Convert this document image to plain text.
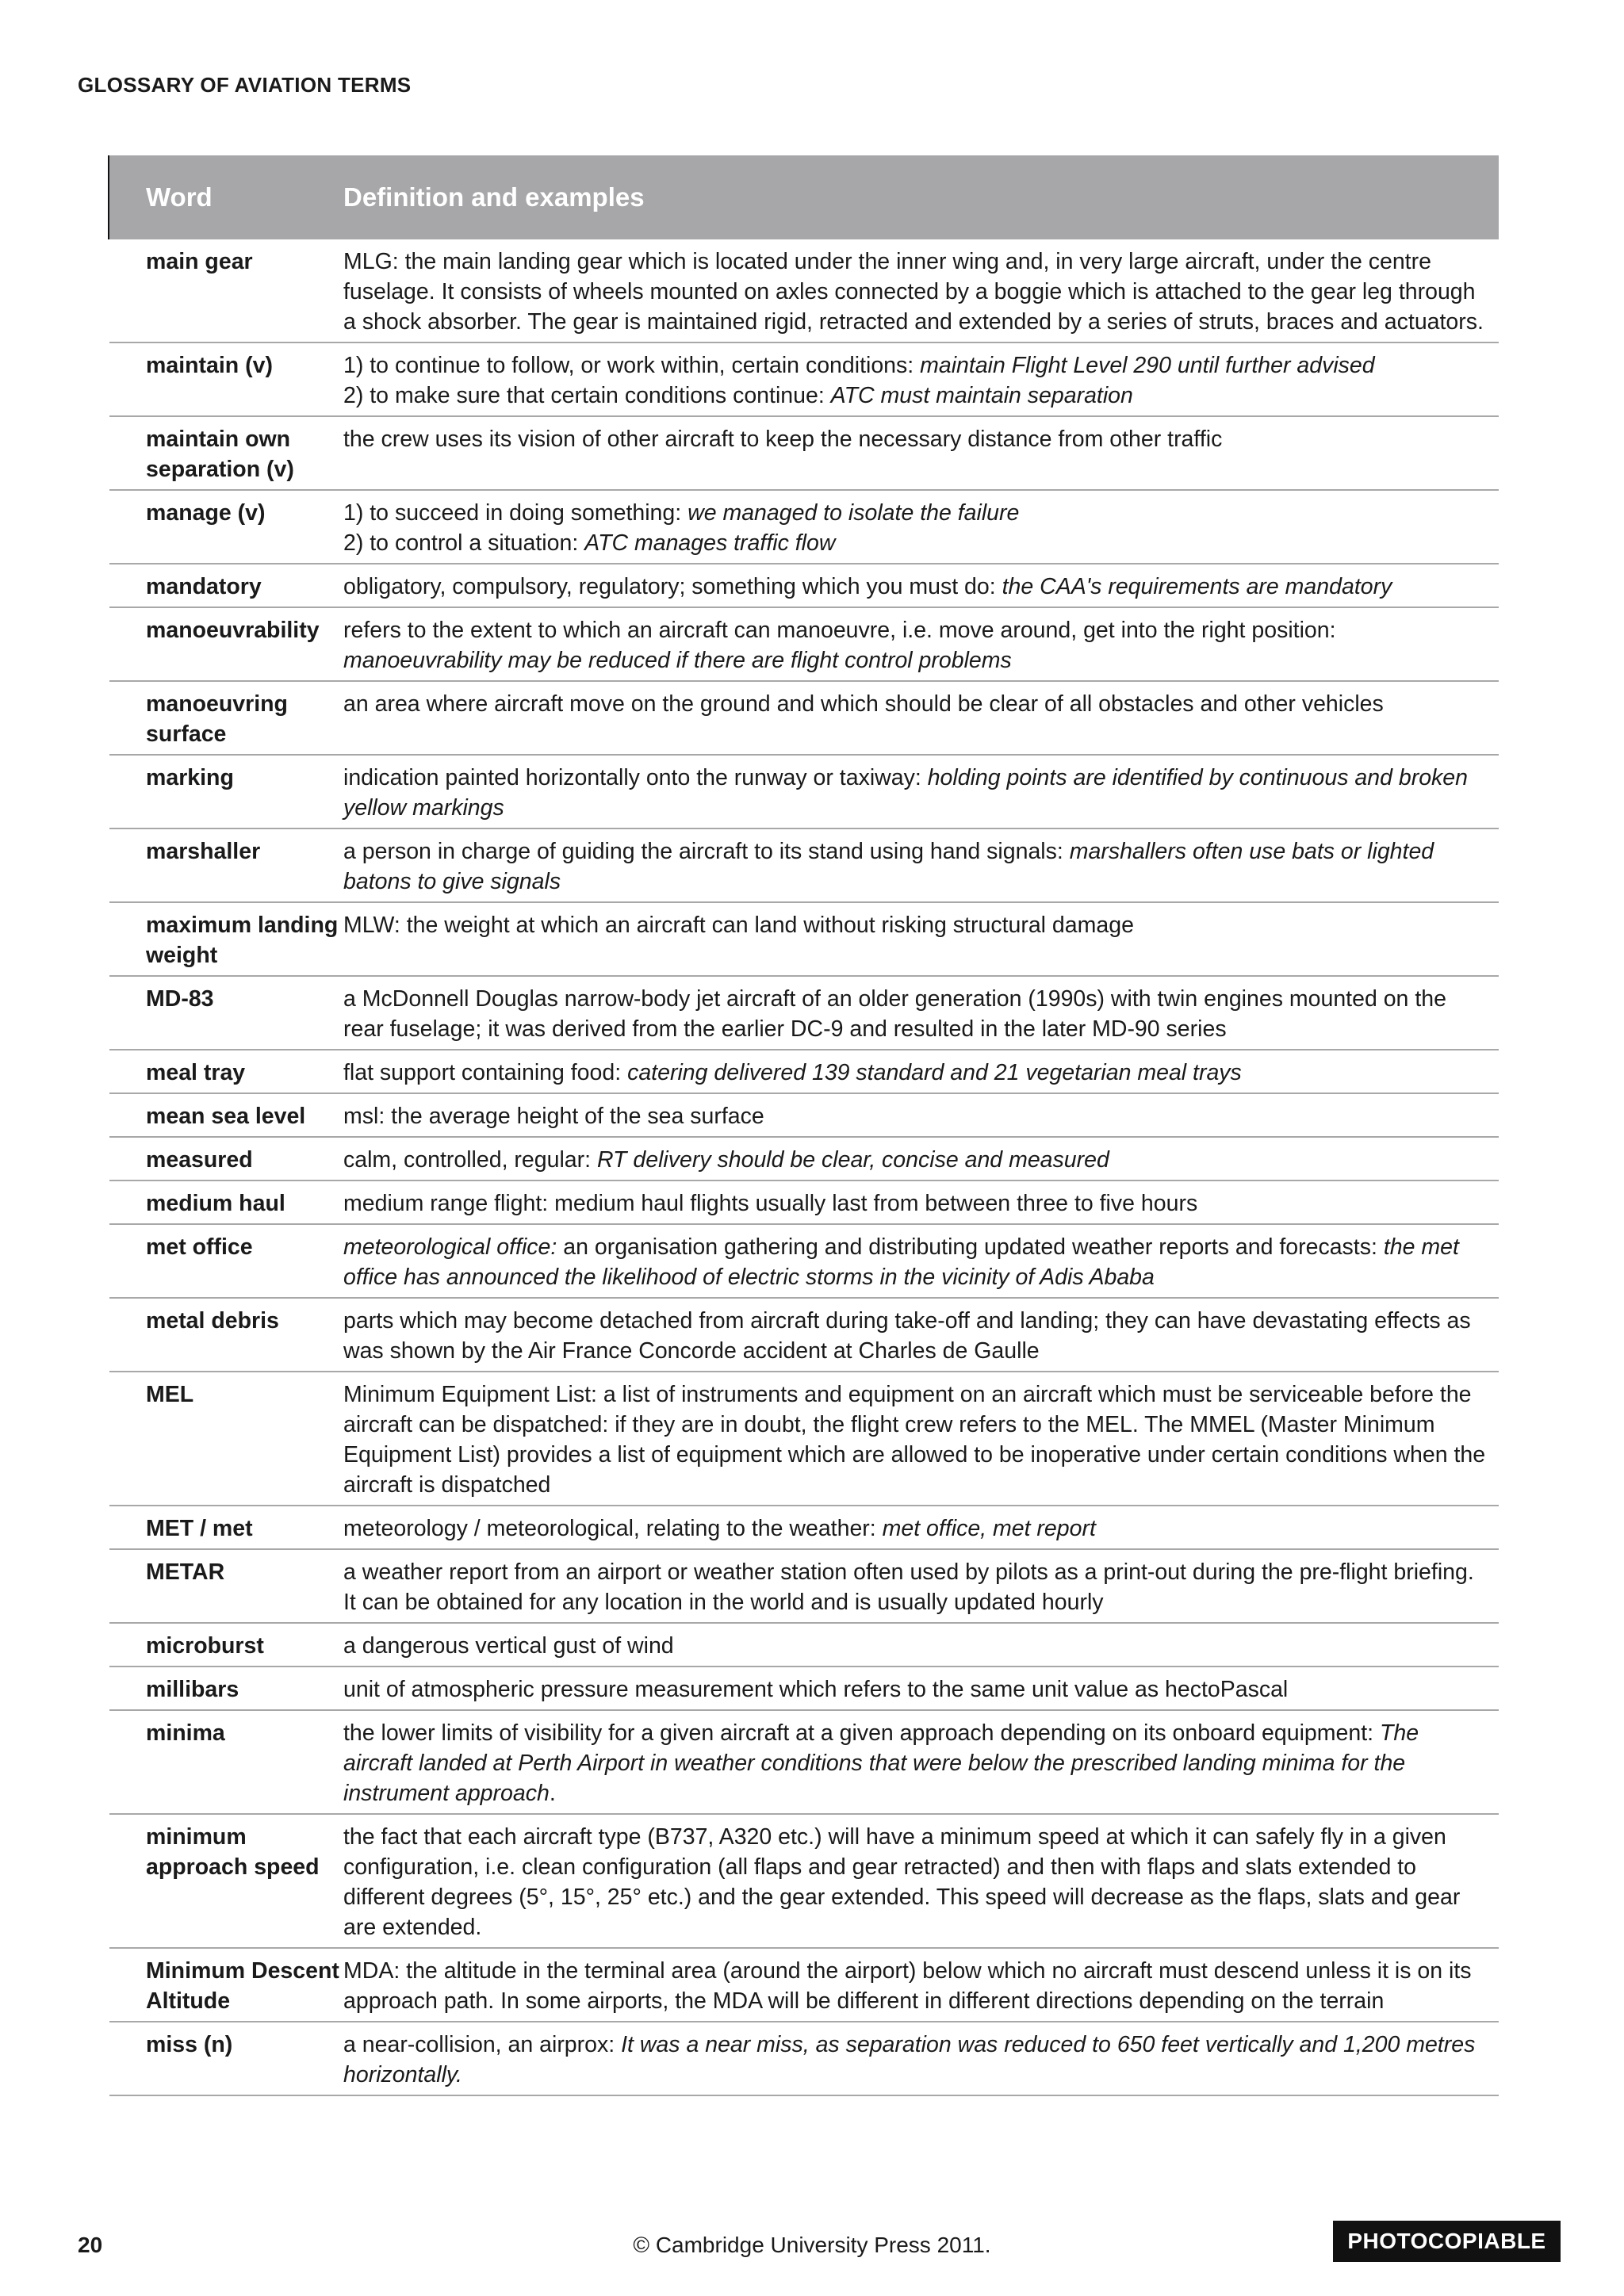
GLOSSARY OF AVIATION TERMS
Word	Definition and examples
main gear	MLG: the main landing gear which is located under the inner wing and, in very large aircraft, under the centre fuselage. It consists of wheels mounted on axles connected by a boggie which is attached to the gear leg through a shock absorber. The gear is maintained rigid, retracted and extended by a series of struts, braces and actuators.
maintain (v)	1) to continue to follow, or work within, certain conditions: maintain Flight Level 290 until further advised
2) to make sure that certain conditions continue: ATC must maintain separation
maintain own separation (v)	the crew uses its vision of other aircraft to keep the necessary distance from other traffic
manage (v)	1) to succeed in doing something: we managed to isolate the failure
2) to control a situation: ATC manages traffic flow
mandatory	obligatory, compulsory, regulatory; something which you must do: the CAA's requirements are mandatory
manoeuvrability	refers to the extent to which an aircraft can manoeuvre, i.e. move around, get into the right position: manoeuvrability may be reduced if there are flight control problems
manoeuvring surface	an area where aircraft move on the ground and which should be clear of all obstacles and other vehicles
marking	indication painted horizontally onto the runway or taxiway: holding points are identified by continuous and broken yellow markings
marshaller	a person in charge of guiding the aircraft to its stand using hand signals: marshallers often use bats or lighted batons to give signals
maximum landing weight	MLW: the weight at which an aircraft can land without risking structural damage
MD-83	a McDonnell Douglas narrow-body jet aircraft of an older generation (1990s) with twin engines mounted on the rear fuselage; it was derived from the earlier DC-9 and resulted in the later MD-90 series
meal tray	flat support containing food: catering delivered 139 standard and 21 vegetarian meal trays
mean sea level	msl: the average height of the sea surface
measured	calm, controlled, regular: RT delivery should be clear, concise and measured
medium haul	medium range flight: medium haul flights usually last from between three to five hours
met office	meteorological office: an organisation gathering and distributing updated weather reports and forecasts: the met office has announced the likelihood of electric storms in the vicinity of Adis Ababa
metal debris	parts which may become detached from aircraft during take-off and landing; they can have devastating effects as was shown by the Air France Concorde accident at Charles de Gaulle
MEL	Minimum Equipment List: a list of instruments and equipment on an aircraft which must be serviceable before the aircraft can be dispatched: if they are in doubt, the flight crew refers to the MEL. The MMEL (Master Minimum Equipment List) provides a list of equipment which are allowed to be inoperative under certain conditions when the aircraft is dispatched
MET / met	meteorology / meteorological, relating to the weather: met office, met report
METAR	a weather report from an airport or weather station often used by pilots as a print-out during the pre-flight briefing. It can be obtained for any location in the world and is usually updated hourly
microburst	a dangerous vertical gust of wind
millibars	unit of atmospheric pressure measurement which refers to the same unit value as hectoPascal
minima	the lower limits of visibility for a given aircraft at a given approach depending on its onboard equipment: The aircraft landed at Perth Airport in weather conditions that were below the prescribed landing minima for the instrument approach.
minimum approach speed	the fact that each aircraft type (B737, A320 etc.) will have a minimum speed at which it can safely fly in a given configuration, i.e. clean configuration (all flaps and gear retracted) and then with flaps and slats extended to different degrees (5°, 15°, 25° etc.) and the gear extended. This speed will decrease as the flaps, slats and gear are extended.
Minimum Descent Altitude	MDA: the altitude in the terminal area (around the airport) below which no aircraft must descend unless it is on its approach path. In some airports, the MDA will be different in different directions depending on the terrain
miss (n)	a near-collision, an airprox: It was a near miss, as separation was reduced to 650 feet vertically and 1,200 metres horizontally.
20	© Cambridge University Press 2011.	PHOTOCOPIABLE
